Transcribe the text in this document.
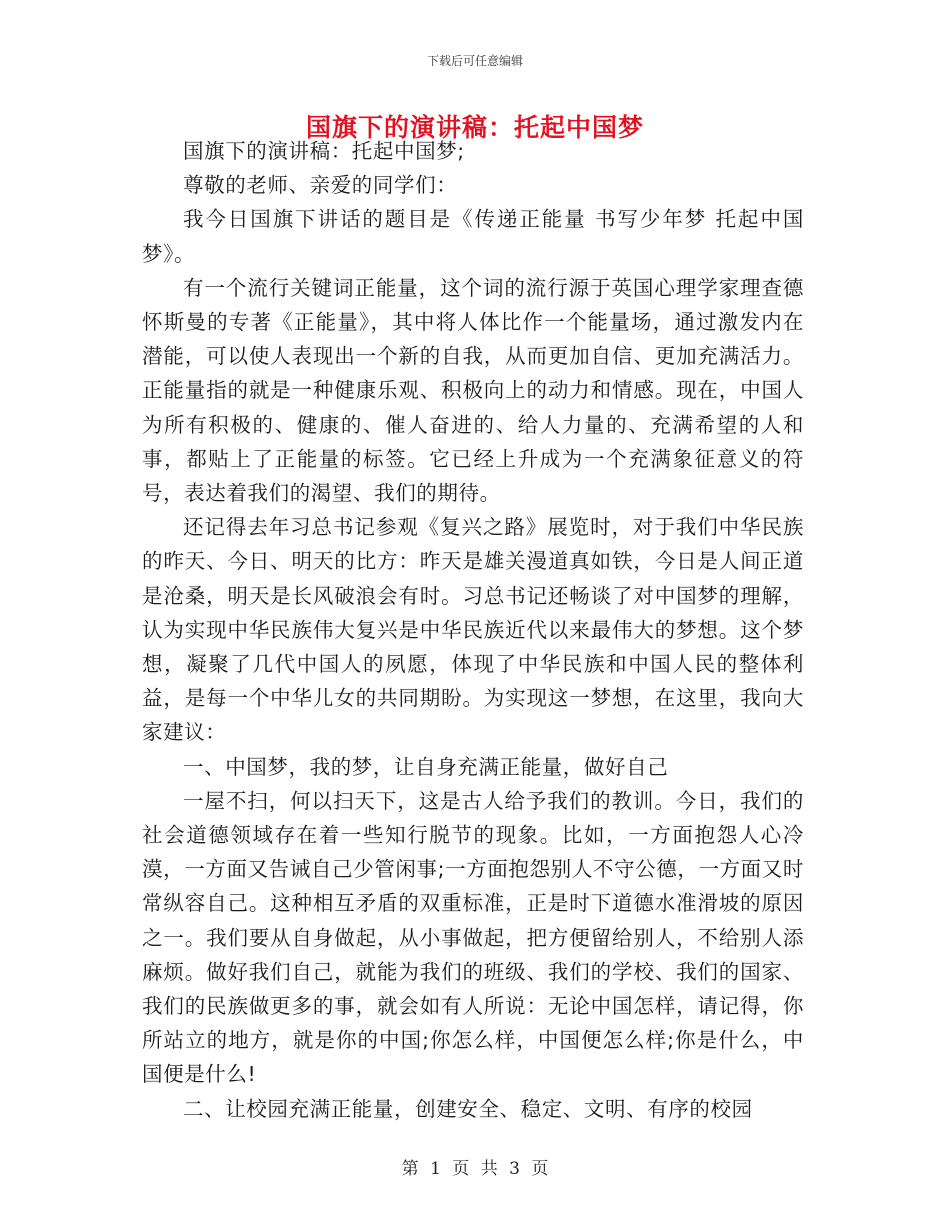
下载后可任意编辑
国旗下的演讲稿：托起中国梦

国旗下的演讲稿：托起中国梦;

尊敬的老师、亲爱的同学们：

我今日国旗下讲话的题目是《传递正能量 书写少年梦 托起中国梦》。

有一个流行关键词正能量，这个词的流行源于英国心理学家理查德怀斯曼的专著《正能量》，其中将人体比作一个能量场，通过激发内在潜能，可以使人表现出一个新的自我，从而更加自信、更加充满活力。正能量指的就是一种健康乐观、积极向上的动力和情感。现在，中国人为所有积极的、健康的、催人奋进的、给人力量的、充满希望的人和事，都贴上了正能量的标签。它已经上升成为一个充满象征意义的符号，表达着我们的渴望、我们的期待。

还记得去年习总书记参观《复兴之路》展览时，对于我们中华民族的昨天、今日、明天的比方：昨天是雄关漫道真如铁，今日是人间正道是沧桑，明天是长风破浪会有时。习总书记还畅谈了对中国梦的理解，认为实现中华民族伟大复兴是中华民族近代以来最伟大的梦想。这个梦想，凝聚了几代中国人的夙愿，体现了中华民族和中国人民的整体利益，是每一个中华儿女的共同期盼。为实现这一梦想，在这里，我向大家建议：

一、中国梦，我的梦，让自身充满正能量，做好自己

一屋不扫，何以扫天下，这是古人给予我们的教训。今日，我们的社会道德领域存在着一些知行脱节的现象。比如，一方面抱怨人心冷漠，一方面又告诫自己少管闲事;一方面抱怨别人不守公德，一方面又时常纵容自己。这种相互矛盾的双重标准，正是时下道德水准滑坡的原因之一。我们要从自身做起，从小事做起，把方便留给别人，不给别人添麻烦。做好我们自己，就能为我们的班级、我们的学校、我们的国家、我们的民族做更多的事，就会如有人所说：无论中国怎样，请记得，你所站立的地方，就是你的中国;你怎么样，中国便怎么样;你是什么，中国便是什么!

二、让校园充满正能量，创建安全、稳定、文明、有序的校园

第 1 页 共 3 页
